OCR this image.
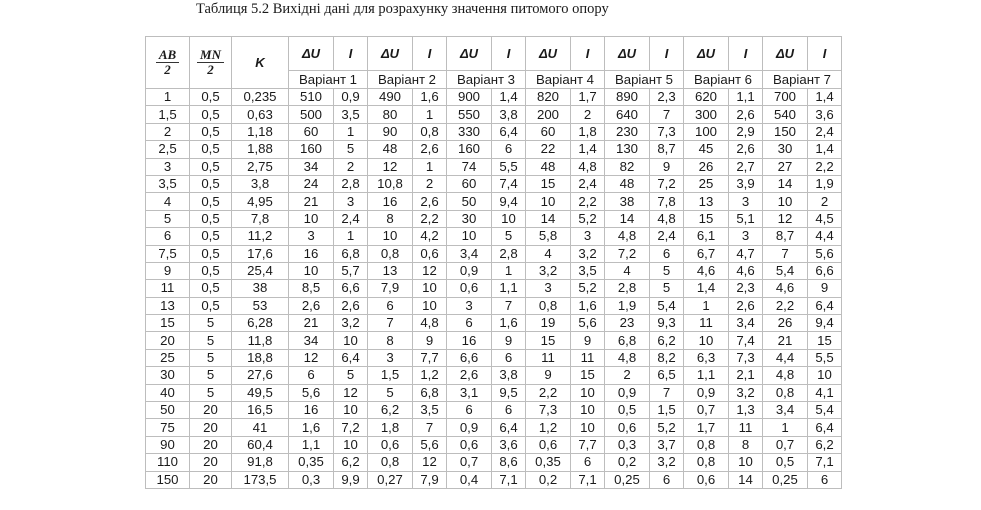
Таблиця 5.2 Вихідні дані для розрахунку значення питомого опору
$\frac{AB}{2}$	$\frac{MN}{2}$	K	ΔU	I	ΔU	I	ΔU	I	ΔU	I	ΔU	I	ΔU	I	ΔU	I
			Варіант 1		Варіант 2		Варіант 3		Варіант 4		Варіант 5		Варіант 6		Варіант 7	
1	0,5	0,235	510	0,9	490	1,6	900	1,4	820	1,7	890	2,3	620	1,1	700	1,4
1,5	0,5	0,63	500	3,5	80	1	550	3,8	200	2	640	7	300	2,6	540	3,6
2	0,5	1,18	60	1	90	0,8	330	6,4	60	1,8	230	7,3	100	2,9	150	2,4
2,5	0,5	1,88	160	5	48	2,6	160	6	22	1,4	130	8,7	45	2,6	30	1,4
3	0,5	2,75	34	2	12	1	74	5,5	48	4,8	82	9	26	2,7	27	2,2
3,5	0,5	3,8	24	2,8	10,8	2	60	7,4	15	2,4	48	7,2	25	3,9	14	1,9
4	0,5	4,95	21	3	16	2,6	50	9,4	10	2,2	38	7,8	13	3	10	2
5	0,5	7,8	10	2,4	8	2,2	30	10	14	5,2	14	4,8	15	5,1	12	4,5
6	0,5	11,2	3	1	10	4,2	10	5	5,8	3	4,8	2,4	6,1	3	8,7	4,4
7,5	0,5	17,6	16	6,8	0,8	0,6	3,4	2,8	4	3,2	7,2	6	6,7	4,7	7	5,6
9	0,5	25,4	10	5,7	13	12	0,9	1	3,2	3,5	4	5	4,6	4,6	5,4	6,6
11	0,5	38	8,5	6,6	7,9	10	0,6	1,1	3	5,2	2,8	5	1,4	2,3	4,6	9
13	0,5	53	2,6	2,6	6	10	3	7	0,8	1,6	1,9	5,4	1	2,6	2,2	6,4
15	5	6,28	21	3,2	7	4,8	6	1,6	19	5,6	23	9,3	11	3,4	26	9,4
20	5	11,8	34	10	8	9	16	9	15	9	6,8	6,2	10	7,4	21	15
25	5	18,8	12	6,4	3	7,7	6,6	6	11	11	4,8	8,2	6,3	7,3	4,4	5,5
30	5	27,6	6	5	1,5	1,2	2,6	3,8	9	15	2	6,5	1,1	2,1	4,8	10
40	5	49,5	5,6	12	5	6,8	3,1	9,5	2,2	10	0,9	7	0,9	3,2	0,8	4,1
50	20	16,5	16	10	6,2	3,5	6	6	7,3	10	0,5	1,5	0,7	1,3	3,4	5,4
75	20	41	1,6	7,2	1,8	7	0,9	6,4	1,2	10	0,6	5,2	1,7	11	1	6,4
90	20	60,4	1,1	10	0,6	5,6	0,6	3,6	0,6	7,7	0,3	3,7	0,8	8	0,7	6,2
110	20	91,8	0,35	6,2	0,8	12	0,7	8,6	0,35	6	0,2	3,2	0,8	10	0,5	7,1
150	20	173,5	0,3	9,9	0,27	7,9	0,4	7,1	0,2	7,1	0,25	6	0,6	14	0,25	6
